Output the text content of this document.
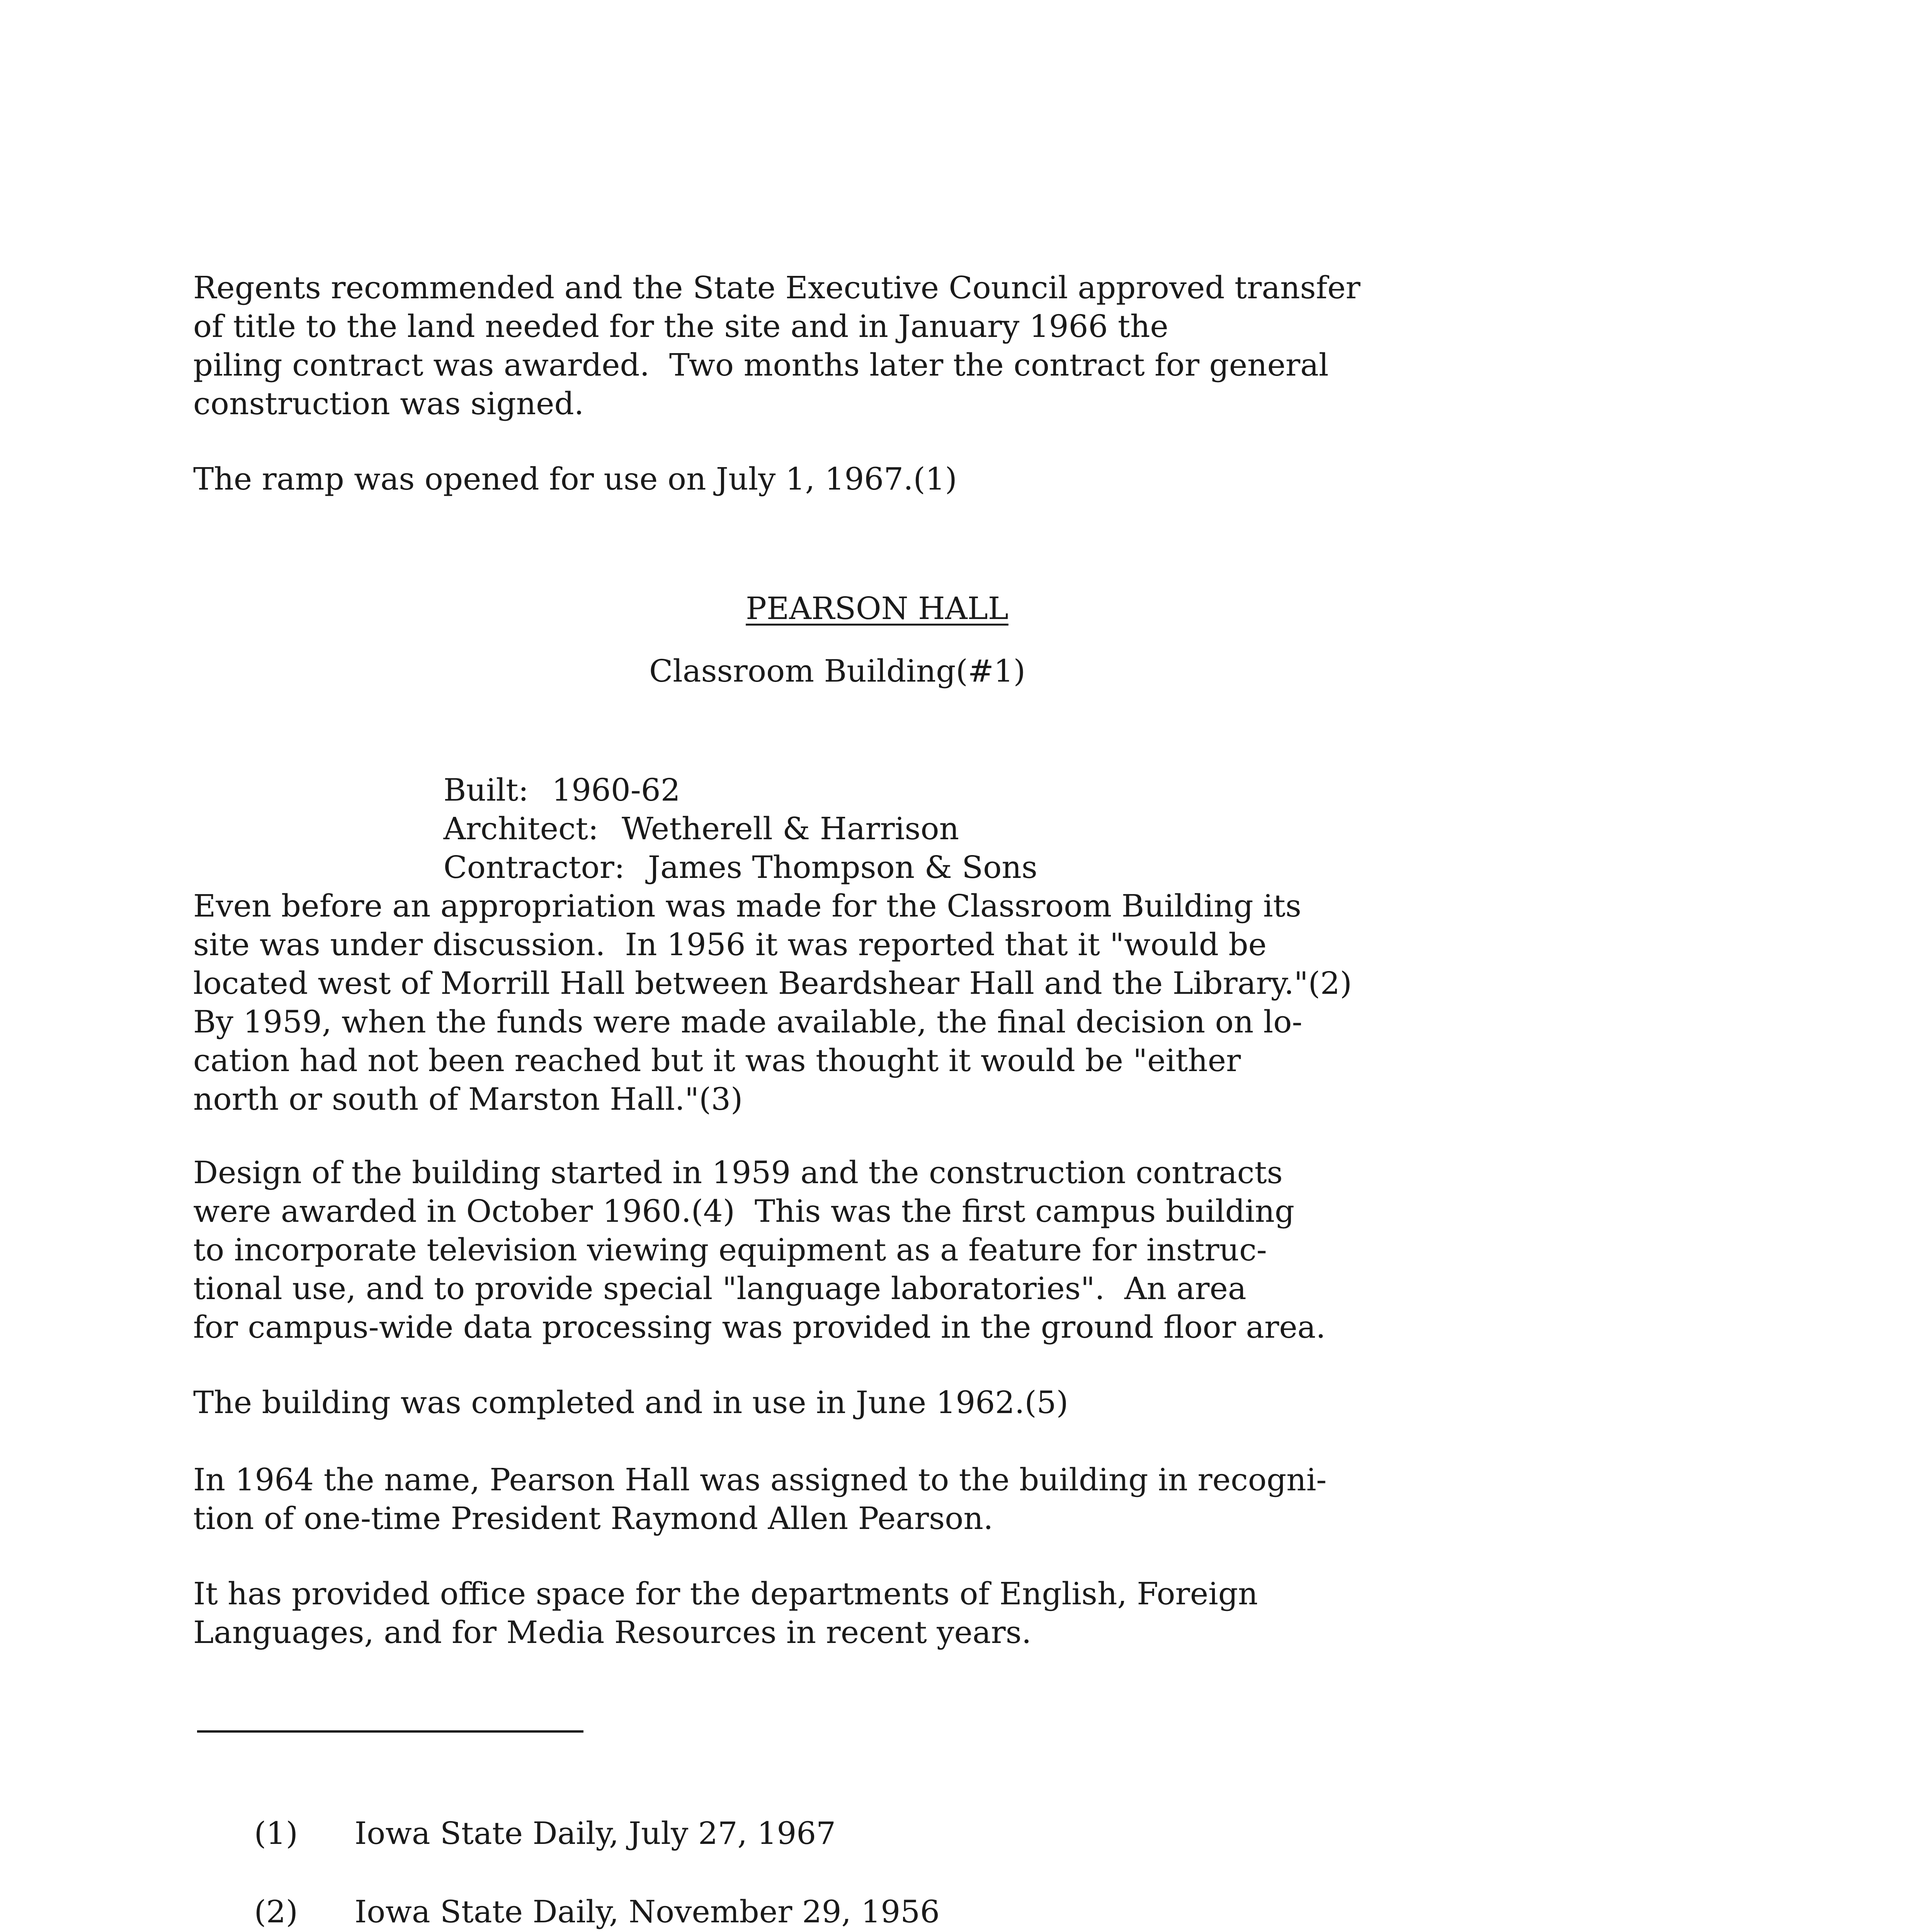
Regents recommended and the State Executive Council approved transfer
of title to the land needed for the site and in January 1966 the
piling contract was awarded.  Two months later the contract for general
construction was signed.
The ramp was opened for use on July 1, 1967.(1)
PEARSON HALL
Classroom Building(#1)

Built: 1960-62

Architect: Wetherell & Harrison

Contractor: James Thompson & Sons

Even before an appropriation was made for the Classroom Building its
site was under discussion.  In 1956 it was reported that it "would be
located west of Morrill Hall between Beardshear Hall and the Library."(2)
By 1959, when the funds were made available, the final decision on lo-
cation had not been reached but it was thought it would be "either
north or south of Marston Hall."(3)
Design of the building started in 1959 and the construction contracts
were awarded in October 1960.(4)  This was the first campus building
to incorporate television viewing equipment as a feature for instruc-
tional use, and to provide special "language laboratories".  An area
for campus-wide data processing was provided in the ground floor area.
The building was completed and in use in June 1962.(5)
In 1964 the name, Pearson Hall was assigned to the building in recogni-
tion of one-time President Raymond Allen Pearson.
It has provided office space for the departments of English, Foreign
Languages, and for Media Resources in recent years.

(1) Iowa State Daily, July 27, 1967

(2) Iowa State Daily, November 29, 1956
